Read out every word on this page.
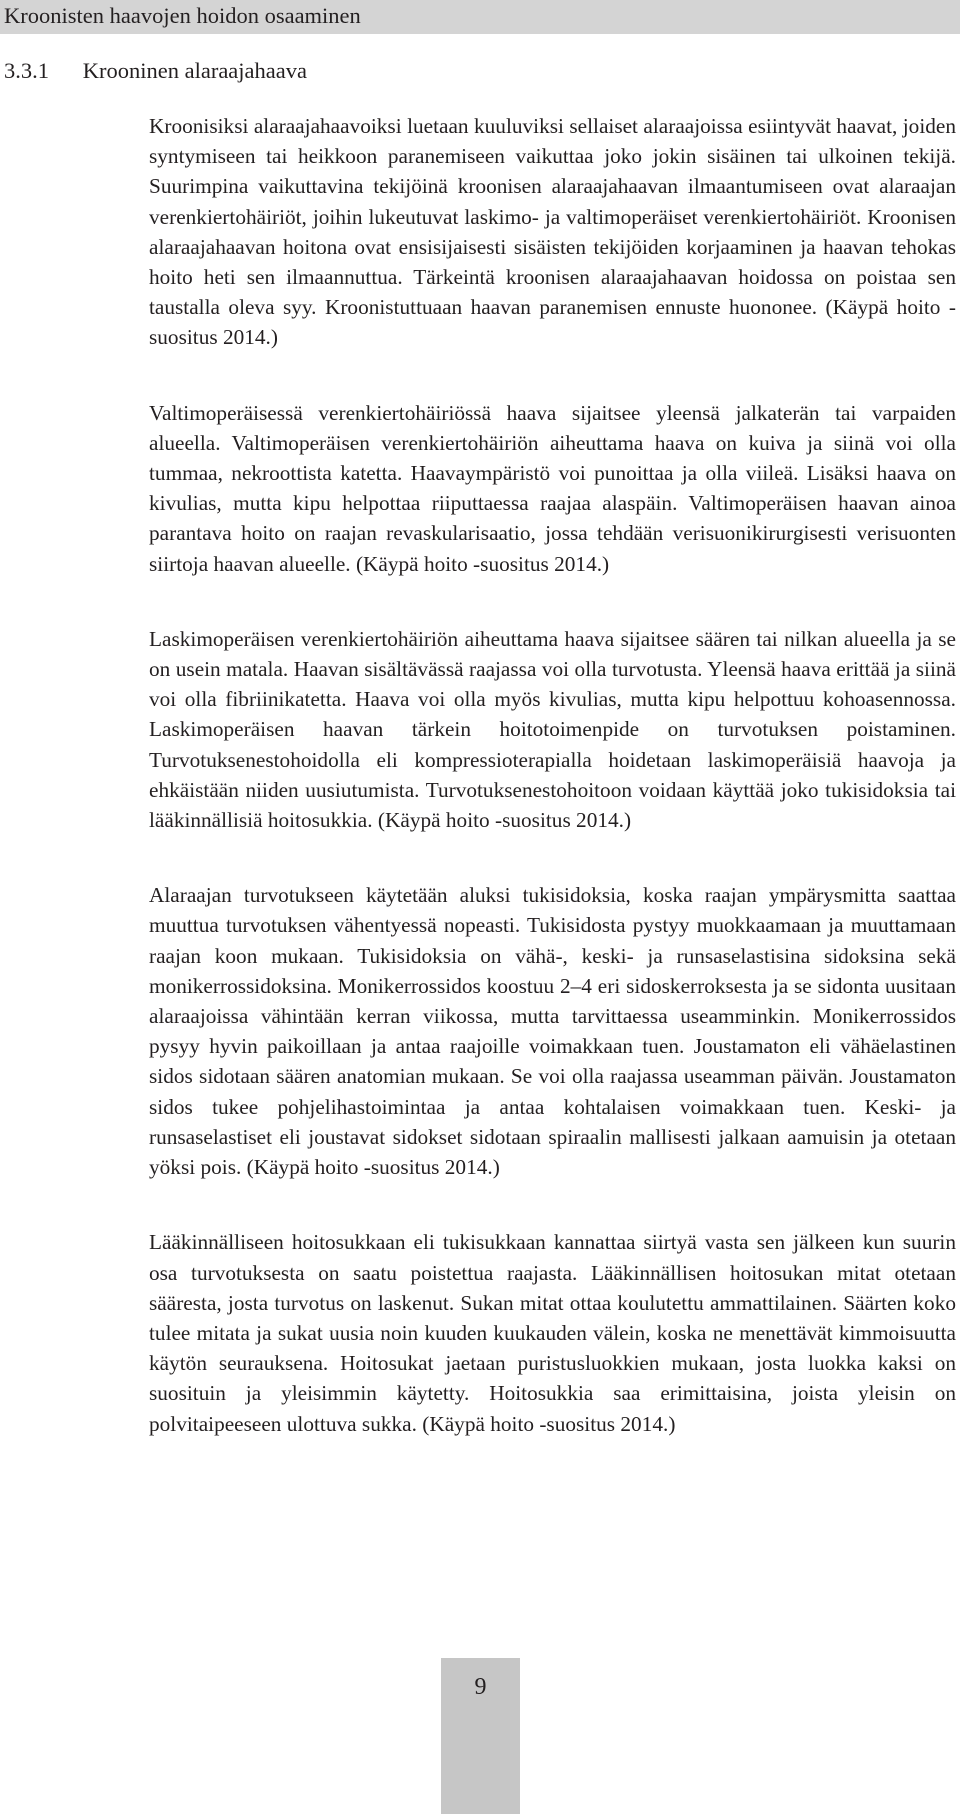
Kroonisten haavojen hoidon osaaminen
3.3.1  Krooninen alaraajahaava

Kroonisiksi alaraajahaavoiksi luetaan kuuluviksi sellaiset alaraajoissa esiintyvät haavat, joiden syntymiseen tai heikkoon paranemiseen vaikuttaa joko jokin sisäinen tai ulkoinen tekijä. Suurimpina vaikuttavina tekijöinä kroonisen alaraajahaavan ilmaantumiseen ovat alaraajan verenkiertohäiriöt, joihin lukeutuvat laskimo- ja valtimoperäiset verenkiertohäiriöt. Kroonisen alaraajahaavan hoitona ovat ensisijaisesti sisäisten tekijöiden korjaaminen ja haavan tehokas hoito heti sen ilmaannuttua. Tärkeintä kroonisen alaraajahaavan hoidossa on poistaa sen taustalla oleva syy. Kroonistuttuaan haavan paranemisen ennuste huononee. (Käypä hoito -suositus 2014.)

Valtimoperäisessä verenkiertohäiriössä haava sijaitsee yleensä jalkaterän tai varpaiden alueella. Valtimoperäisen verenkiertohäiriön aiheuttama haava on kuiva ja siinä voi olla tummaa, nekroottista katetta. Haavaympäristö voi punoittaa ja olla viileä. Lisäksi haava on kivulias, mutta kipu helpottaa riiputtaessa raajaa alaspäin. Valtimoperäisen haavan ainoa parantava hoito on raajan revaskularisaatio, jossa tehdään verisuonikirurgisesti verisuonten siirtoja haavan alueelle. (Käypä hoito -suositus 2014.)

Laskimoperäisen verenkiertohäiriön aiheuttama haava sijaitsee säären tai nilkan alueella ja se on usein matala. Haavan sisältävässä raajassa voi olla turvotusta. Yleensä haava erittää ja siinä voi olla fibriinikatetta. Haava voi olla myös kivulias, mutta kipu helpottuu kohoasennossa. Laskimoperäisen haavan tärkein hoitotoimenpide on turvotuksen poistaminen. Turvotuksenestohoidolla eli kompressioterapialla hoidetaan laskimoperäisiä haavoja ja ehkäistään niiden uusiutumista. Turvotuksenestohoitoon voidaan käyttää joko tukisidoksia tai lääkinnällisiä hoitosukkia. (Käypä hoito -suositus 2014.)

Alaraajan turvotukseen käytetään aluksi tukisidoksia, koska raajan ympärysmitta saattaa muuttua turvotuksen vähentyessä nopeasti. Tukisidosta pystyy muokkaamaan ja muuttamaan raajan koon mukaan. Tukisidoksia on vähä-, keski- ja runsaselastisina sidoksina sekä monikerrossidoksina. Monikerrossidos koostuu 2–4 eri sidoskerroksesta ja se sidonta uusitaan alaraajoissa vähintään kerran viikossa, mutta tarvittaessa useamminkin. Monikerrossidos pysyy hyvin paikoillaan ja antaa raajoille voimakkaan tuen. Joustamaton eli vähäelastinen sidos sidotaan säären anatomian mukaan. Se voi olla raajassa useamman päivän. Joustamaton sidos tukee pohjelihastoimintaa ja antaa kohtalaisen voimakkaan tuen. Keski- ja runsaselastiset eli joustavat sidokset sidotaan spiraalin mallisesti jalkaan aamuisin ja otetaan yöksi pois. (Käypä hoito -suositus 2014.)

Lääkinnälliseen hoitosukkaan eli tukisukkaan kannattaa siirtyä vasta sen jälkeen kun suurin osa turvotuksesta on saatu poistettua raajasta. Lääkinnällisen hoitosukan mitat otetaan sääresta, josta turvotus on laskenut. Sukan mitat ottaa koulutettu ammattilainen. Säärten koko tulee mitata ja sukat uusia noin kuuden kuukauden välein, koska ne menettävät kimmoisuutta käytön seurauksena. Hoitosukat jaetaan puristusluokkien mukaan, josta luokka kaksi on suosituin ja yleisimmin käytetty. Hoitosukkia saa erimittaisina, joista yleisin on polvitaipeeseen ulottuva sukka. (Käypä hoito -suositus 2014.)

9
